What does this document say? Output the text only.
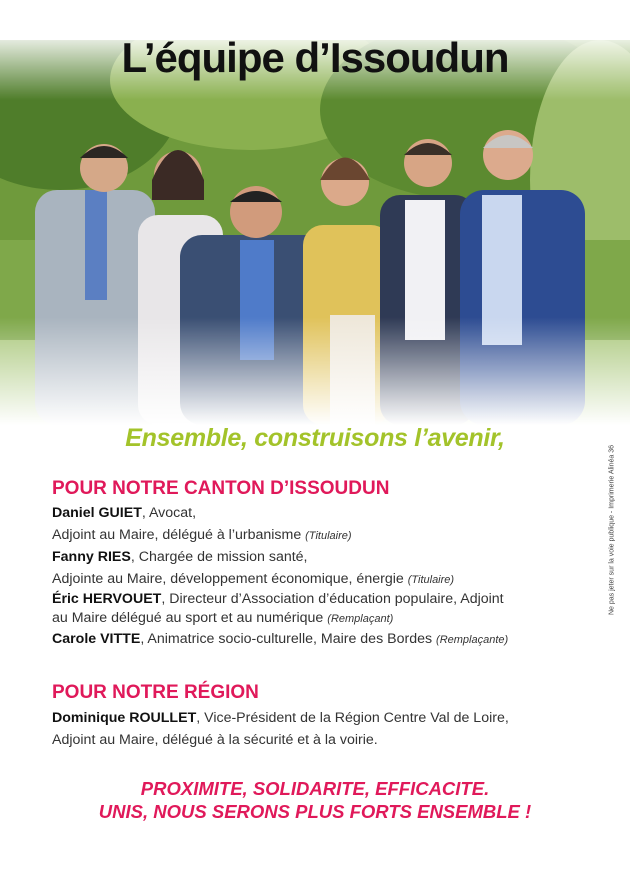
L’équipe d’Issoudun
Ensemble, construisons l’avenir,
POUR NOTRE CANTON D’ISSOUDUN
Daniel GUIET, Avocat,
Adjoint au Maire, délégué à l’urbanisme (Titulaire)
Fanny RIES, Chargée de mission santé,
Adjointe au Maire, développement économique, énergie (Titulaire)
Éric HERVOUET, Directeur d’Association d’éducation populaire, Adjoint
au Maire délégué au sport et au numérique (Remplaçant)
Carole VITTE, Animatrice socio-culturelle, Maire des Bordes (Remplaçante)
POUR NOTRE RÉGION
Dominique ROULLET, Vice-Président de la Région Centre Val de Loire,
Adjoint au Maire, délégué à la sécurité et à la voirie.
PROXIMITE, SOLIDARITE, EFFICACITE.
UNIS, NOUS SERONS PLUS FORTS ENSEMBLE !
Ne pas jeter sur la voie publique - Imprimerie Alinéa 36
